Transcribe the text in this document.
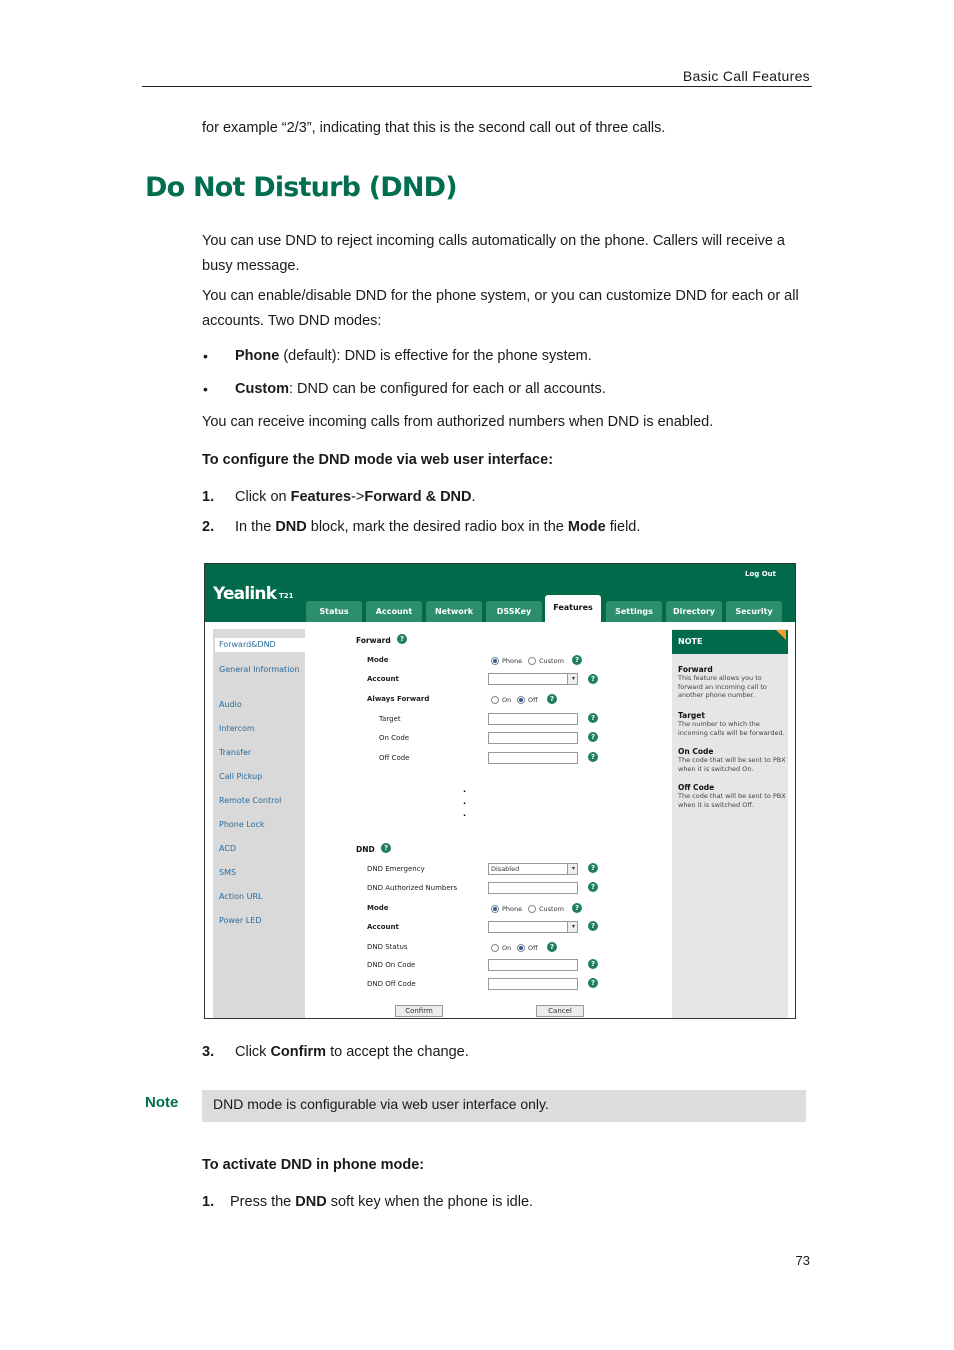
Basic Call Features
for example “2/3”, indicating that this is the second call out of three calls.
Do Not Disturb (DND)
You can use DND to reject incoming calls automatically on the phone. Callers will receive a busy message.
You can enable/disable DND for the phone system, or you can customize DND for each or all accounts. Two DND modes:
• Phone (default): DND is effective for the phone system.
• Custom: DND can be configured for each or all accounts.
You can receive incoming calls from authorized numbers when DND is enabled.
To configure the DND mode via web user interface:
1. Click on Features->Forward & DND.
2. In the DND block, mark the desired radio box in the Mode field.
Yealink T21
Log Out
Status	Account	Network	DSSKey	Features	Settings	Directory	Security
Forward&DND
General Information
Audio
Intercom
Transfer
Call Pickup
Remote Control
Phone Lock
ACD
SMS
Action URL
Power LED
Forward	?
Mode	Phone	Custom	?
Account	▾	?
Always Forward	On	Off	?
Target	?
On Code	?
Off Code	?
.
.
.
DND	?
DND Emergency	Disabled	▾	?
DND Authorized Numbers	?
Mode	Phone	Custom	?
Account	▾	?
DND Status	On	Off	?
DND On Code	?
DND Off Code	?
Confirm	Cancel
NOTE
Forward
This feature allows you to forward an incoming call to another phone number.
Target
The number to which the incoming calls will be forwarded.
On Code
The code that will be sent to PBX when it is switched On.
Off Code
The code that will be sent to PBX when it is switched Off.
3. Click Confirm to accept the change.
Note DND mode is configurable via web user interface only.
To activate DND in phone mode:
1. Press the DND soft key when the phone is idle.
73
